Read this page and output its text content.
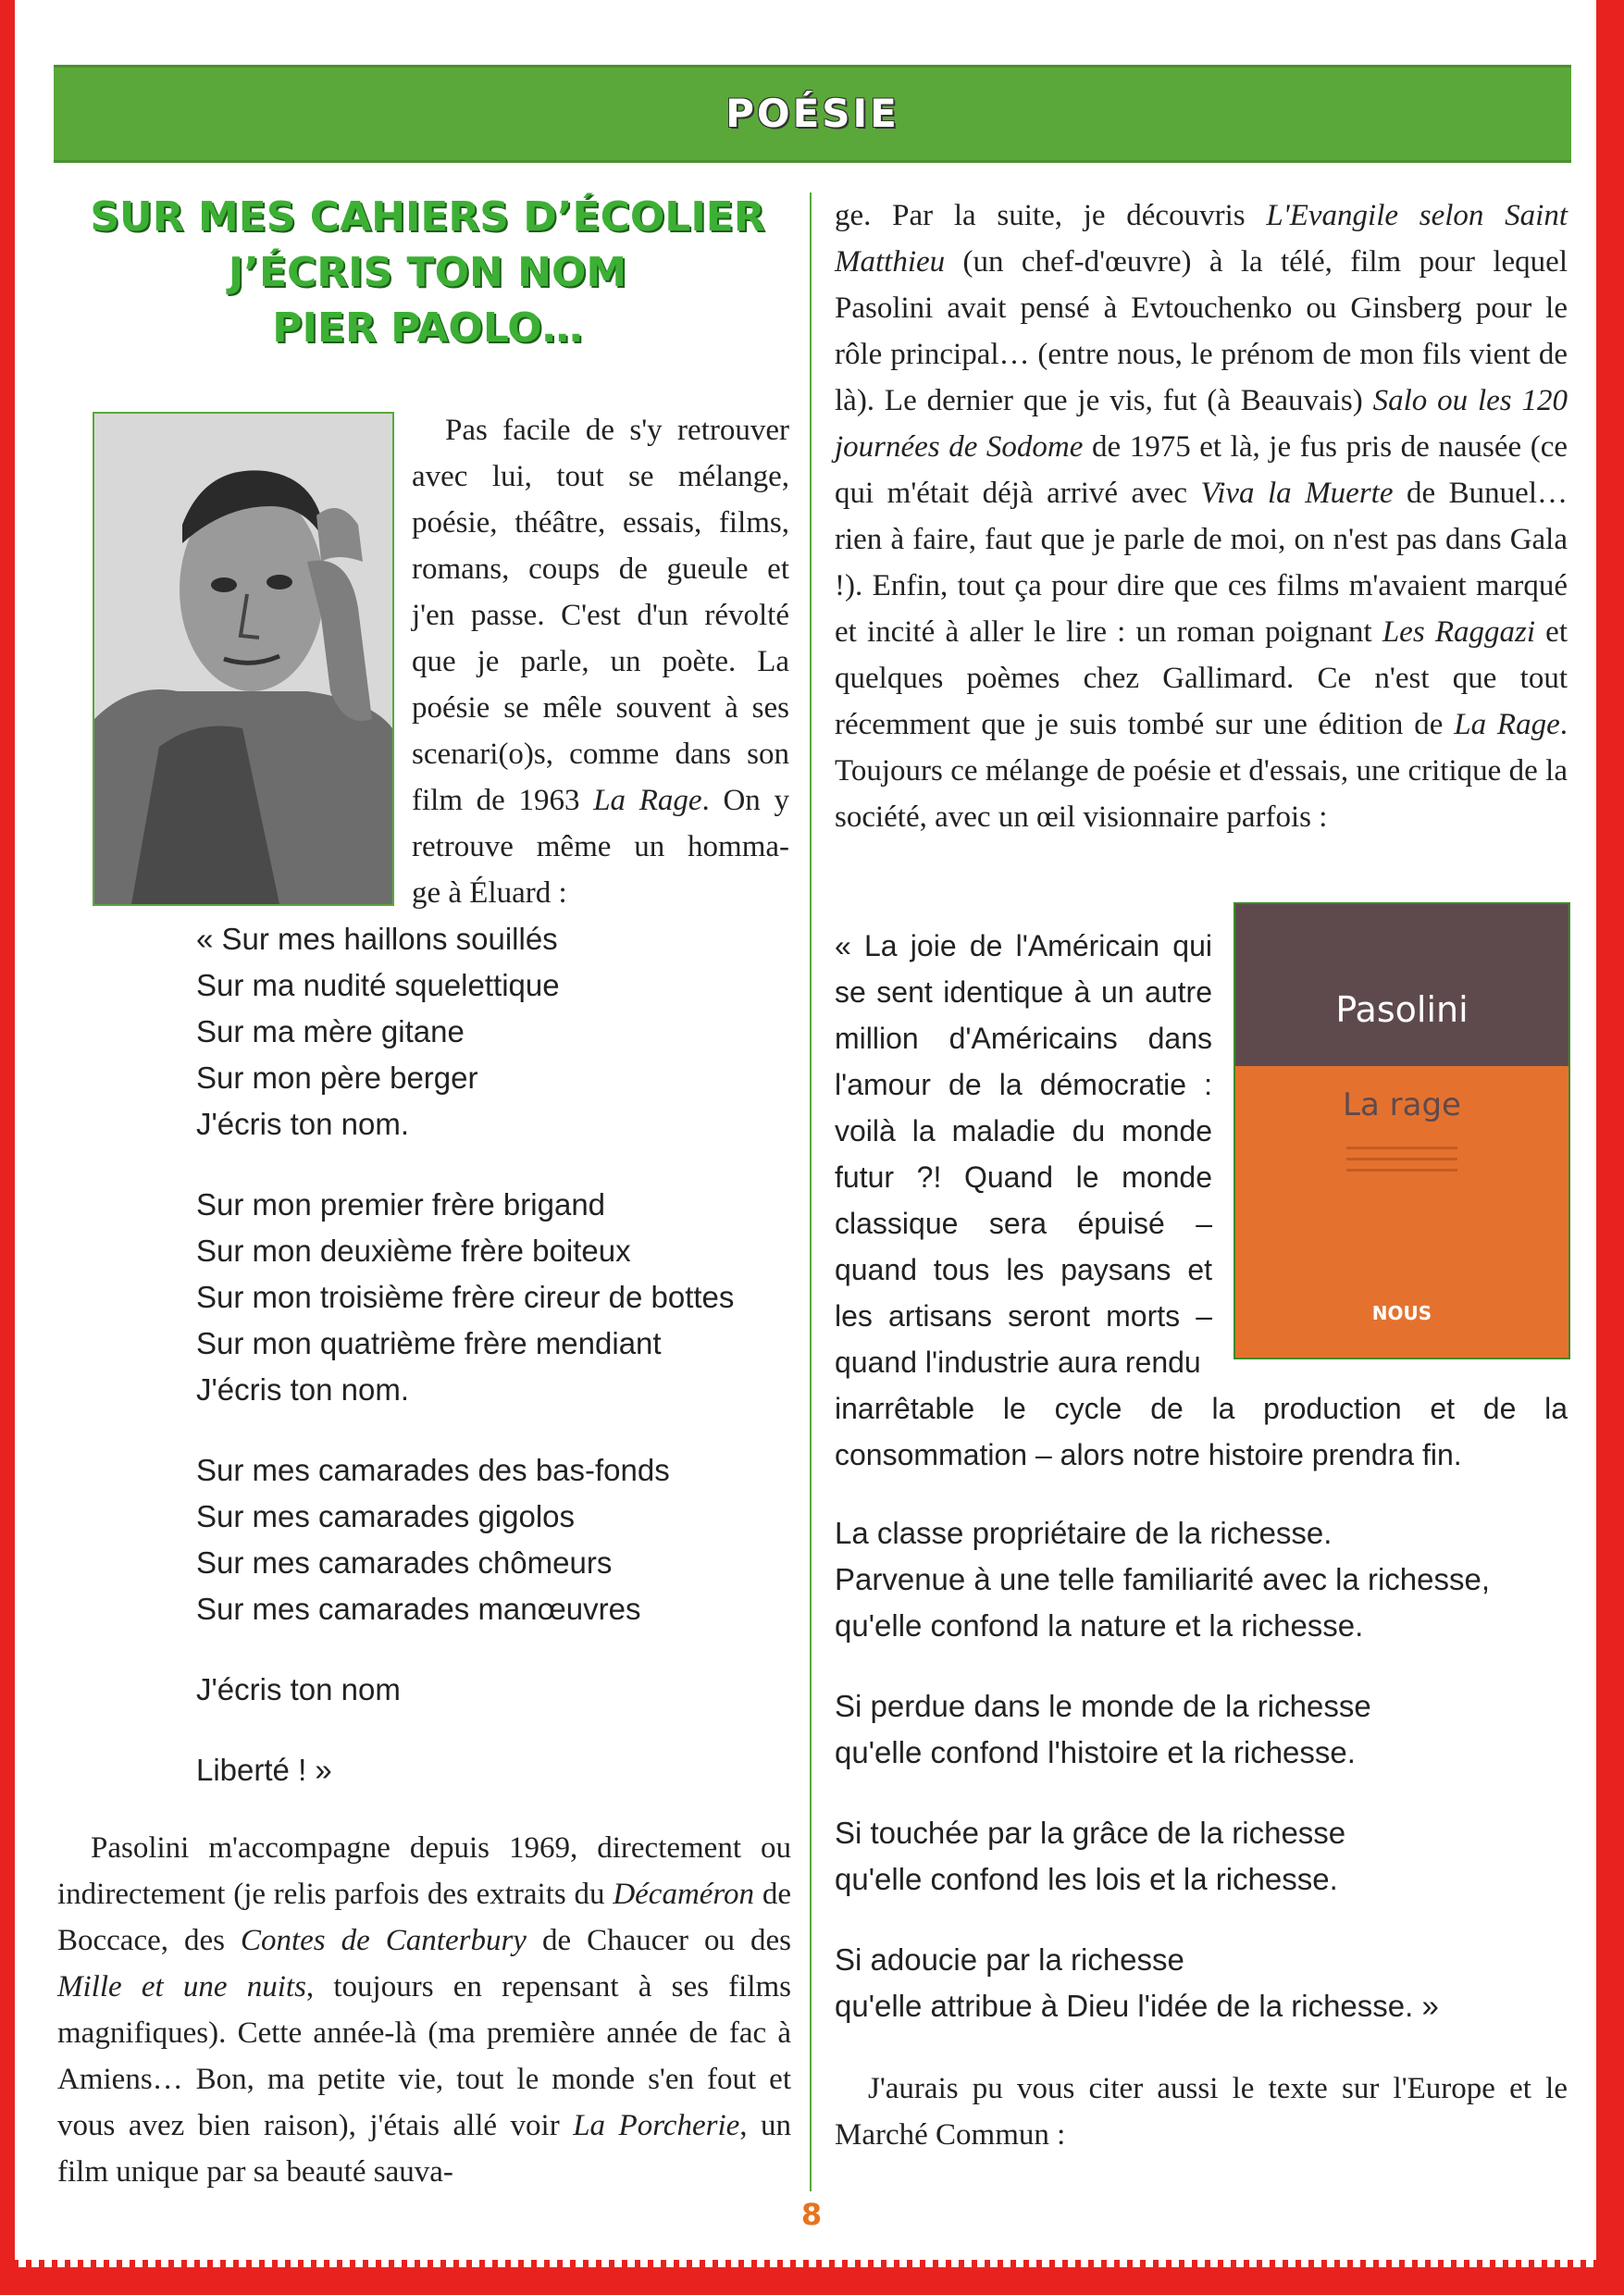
POÉSIE
SUR MES CAHIERS D’ÉCOLIER
J’ÉCRIS TON NOM
PIER PAOLO…
Pas facile de s'y retrouver
avec lui, tout se mélange,
poésie, théâtre, essais, films,
romans, coups de gueule et
j'en passe. C'est d'un révolté
que je parle, un poète. La
poésie se mêle souvent à ses
scenari(o)s, comme dans son
film de 1963 La Rage. On y
retrouve même un homma-
ge à Éluard :
« Sur mes haillons souillés
Sur ma nudité squelettique
Sur ma mère gitane
Sur mon père berger
J'écris ton nom.
Sur mon premier frère brigand
Sur mon deuxième frère boiteux
Sur mon troisième frère cireur de bottes
Sur mon quatrième frère mendiant
J'écris ton nom.
Sur mes camarades des bas-fonds
Sur mes camarades gigolos
Sur mes camarades chômeurs
Sur mes camarades manœuvres
J'écris ton nom
Liberté ! »

Pasolini m'accompagne depuis 1969, directement ou indirectement (je relis parfois des extraits du Décaméron de Boccace, des Contes de Canterbury de Chaucer ou des Mille et une nuits, toujours en repensant à ses films magnifiques). Cette année-là (ma première année de fac à Amiens… Bon, ma petite vie, tout le monde s'en fout et vous avez bien raison), j'étais allé voir La Porcherie, un film unique par sa beauté sauva-

ge. Par la suite, je découvris L'Evangile selon Saint Matthieu (un chef-d'œuvre) à la télé, film pour lequel Pasolini avait pensé à Evtouchenko ou Ginsberg pour le rôle principal… (entre nous, le prénom de mon fils vient de là). Le dernier que je vis, fut (à Beauvais) Salo ou les 120 journées de Sodome de 1975 et là, je fus pris de nausée (ce qui m'était déjà arrivé avec Viva la Muerte de Bunuel… rien à faire, faut que je parle de moi, on n'est pas dans Gala !). Enfin, tout ça pour dire que ces films m'avaient marqué et incité à aller le lire : un roman poignant Les Raggazi et quelques poèmes chez Gallimard. Ce n'est que tout récemment que je suis tombé sur une édition de La Rage. Toujours ce mélange de poésie et d'essais, une critique de la société, avec un œil visionnaire parfois :

Pasolini
La rage
NOUS

« La joie de l'Américain qui se sent identique à un autre million d'Américains dans l'amour de la démocratie : voilà la maladie du monde futur ?! Quand le monde classique sera épuisé – quand tous les paysans et les artisans seront morts – quand l'industrie aura rendu

inarrêtable le cycle de la production et de la consommation – alors notre histoire prendra fin.

La classe propriétaire de la richesse.
Parvenue à une telle familiarité avec la richesse,
qu'elle confond la nature et la richesse.
Si perdue dans le monde de la richesse
qu'elle confond l'histoire et la richesse.
Si touchée par la grâce de la richesse
qu'elle confond les lois et la richesse.
Si adoucie par la richesse
qu'elle attribue à Dieu l'idée de la richesse. »

J'aurais pu vous citer aussi le texte sur l'Europe et le Marché Commun :

8
